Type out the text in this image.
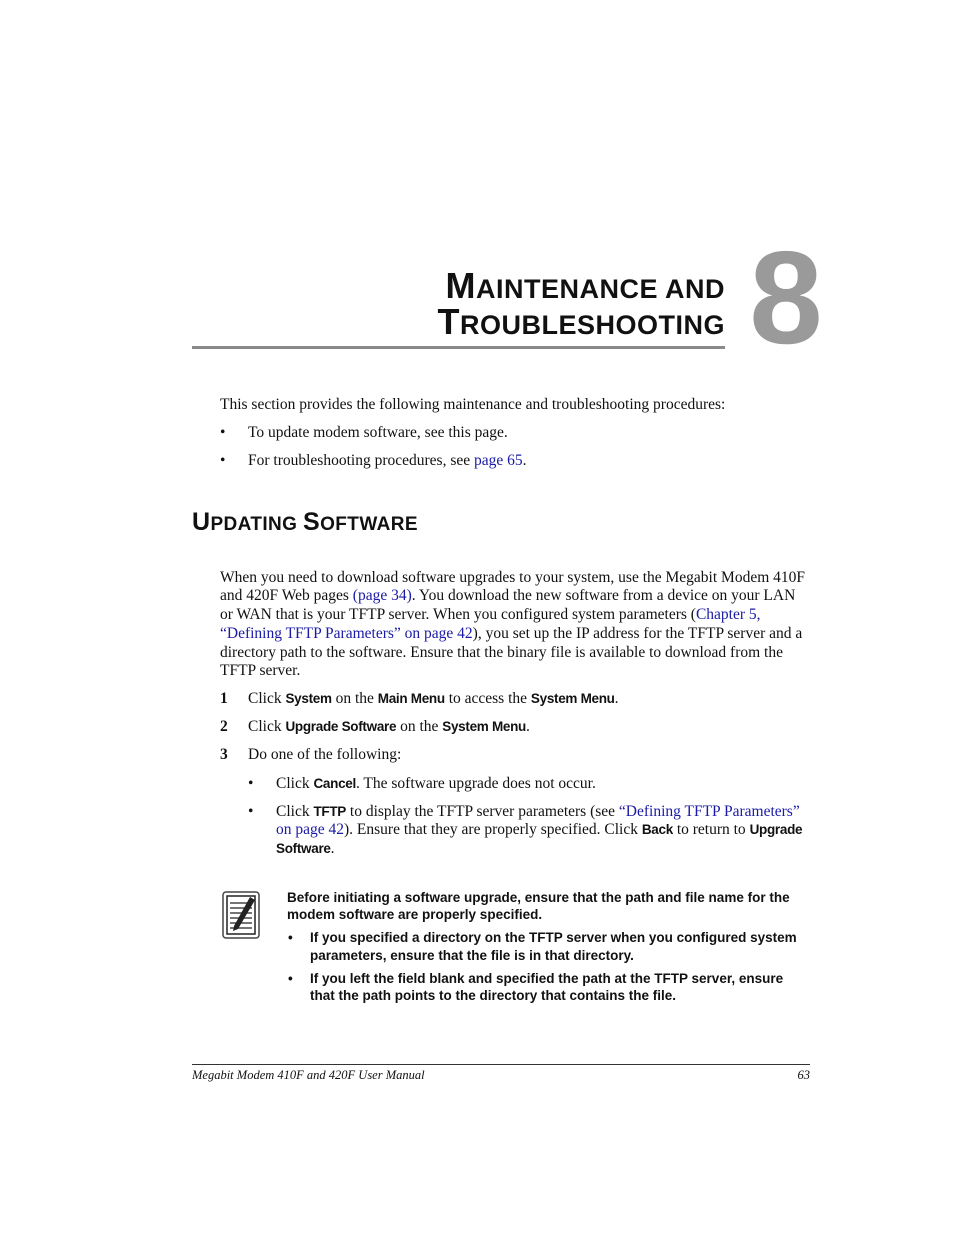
MAINTENANCE AND
TROUBLESHOOTING 8
This section provides the following maintenance and troubleshooting procedures:
• To update modem software, see this page.
• For troubleshooting procedures, see page 65.
UPDATING SOFTWARE
When you need to download software upgrades to your system, use the Megabit Modem 410F
and 420F Web pages (page 34). You download the new software from a device on your LAN
or WAN that is your TFTP server. When you configured system parameters (Chapter 5,
“Defining TFTP Parameters” on page 42), you set up the IP address for the TFTP server and a
directory path to the software. Ensure that the binary file is available to download from the
TFTP server.
1 Click System on the Main Menu to access the System Menu.
2 Click Upgrade Software on the System Menu.
3 Do one of the following:
• Click Cancel. The software upgrade does not occur.
• Click TFTP to display the TFTP server parameters (see “Defining TFTP Parameters”
on page 42). Ensure that they are properly specified. Click Back to return to Upgrade
Software.
Before initiating a software upgrade, ensure that the path and file name for the
modem software are properly specified.
• If you specified a directory on the TFTP server when you configured system
parameters, ensure that the file is in that directory.
• If you left the field blank and specified the path at the TFTP server, ensure
that the path points to the directory that contains the file.
Megabit Modem 410F and 420F User Manual	63
